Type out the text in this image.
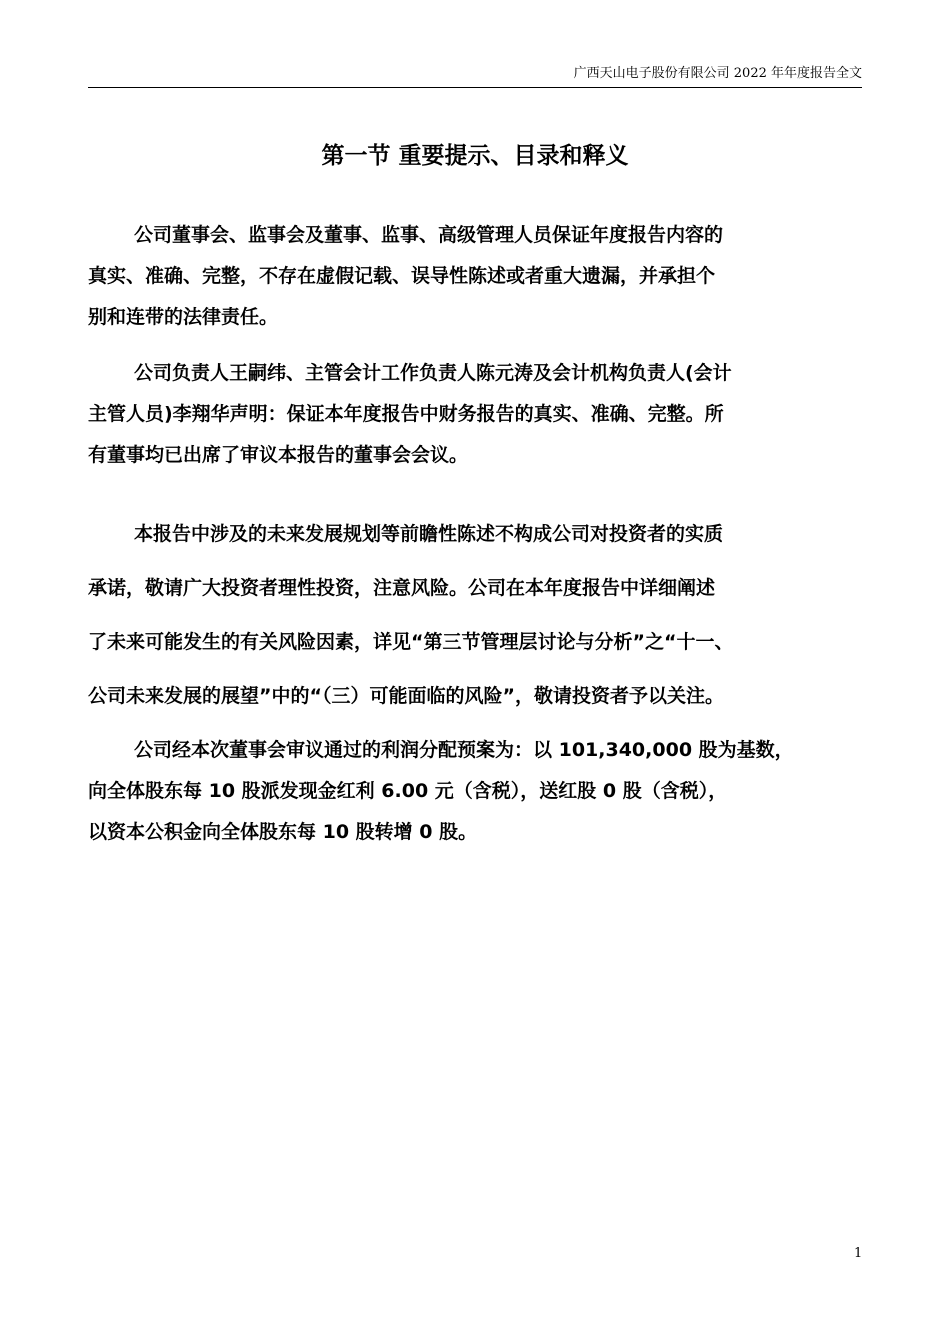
广西天山电子股份有限公司 2022 年年度报告全文
第一节 重要提示、目录和释义
公司董事会、监事会及董事、监事、高级管理人员保证年度报告内容的
真实、准确、完整，不存在虚假记载、误导性陈述或者重大遗漏，并承担个
别和连带的法律责任。
公司负责人王嗣纬、主管会计工作负责人陈元涛及会计机构负责人(会计
主管人员)李翔华声明：保证本年度报告中财务报告的真实、准确、完整。所
有董事均已出席了审议本报告的董事会会议。
本报告中涉及的未来发展规划等前瞻性陈述不构成公司对投资者的实质
承诺，敬请广大投资者理性投资，注意风险。公司在本年度报告中详细阐述
了未来可能发生的有关风险因素，详见“第三节管理层讨论与分析”之“十一、
公司未来发展的展望”中的“（三）可能面临的风险”，敬请投资者予以关注。
公司经本次董事会审议通过的利润分配预案为：以 101,340,000 股为基数，
向全体股东每 10 股派发现金红利 6.00 元（含税），送红股 0 股（含税），
以资本公积金向全体股东每 10 股转增 0 股。
1
